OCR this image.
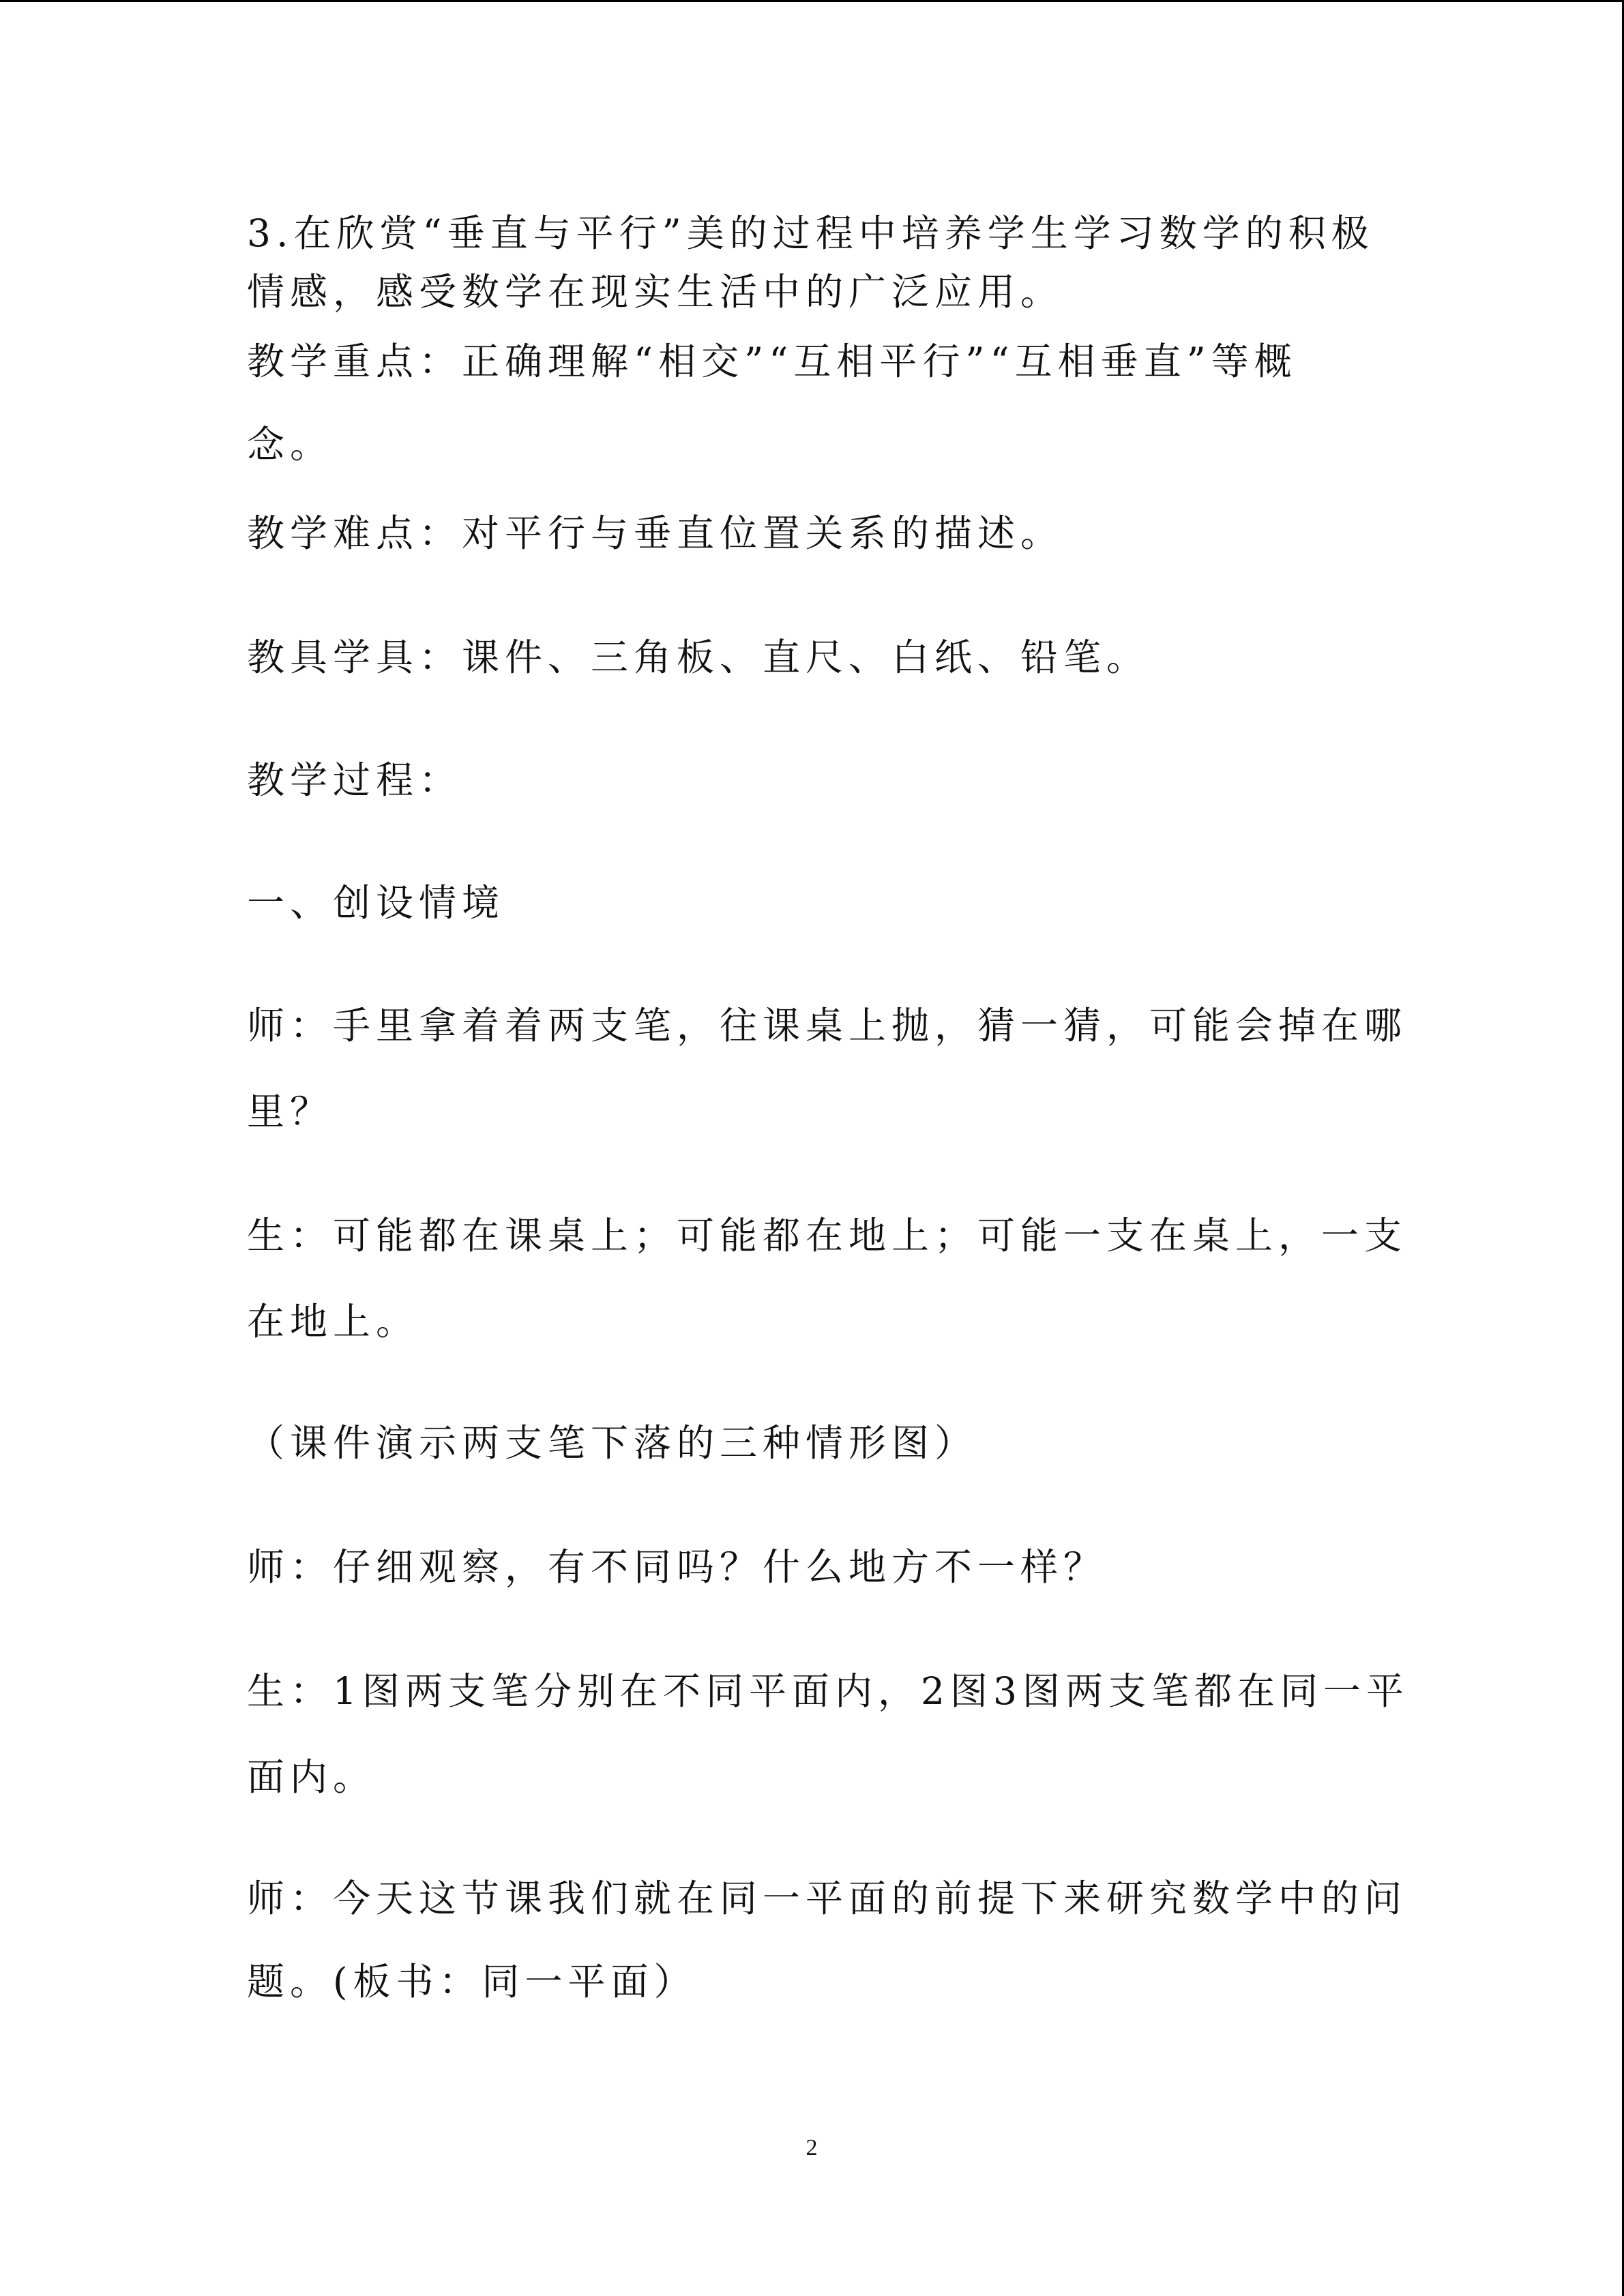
3.在欣赏“垂直与平行”美的过程中培养学生学习数学的积极
情感，感受数学在现实生活中的广泛应用。
教学重点：正确理解“相交”“互相平行”“互相垂直”等概
念。
教学难点：对平行与垂直位置关系的描述。
教具学具：课件、三角板、直尺、白纸、铅笔。
教学过程：
一、创设情境
师：手里拿着着两支笔，往课桌上抛，猜一猜，可能会掉在哪
里？
生：可能都在课桌上；可能都在地上；可能一支在桌上，一支
在地上。
（课件演示两支笔下落的三种情形图）
师：仔细观察，有不同吗？什么地方不一样？
生：1图两支笔分别在不同平面内，2图3图两支笔都在同一平
面内。
师：今天这节课我们就在同一平面的前提下来研究数学中的问
题。(板书：同一平面）
2
